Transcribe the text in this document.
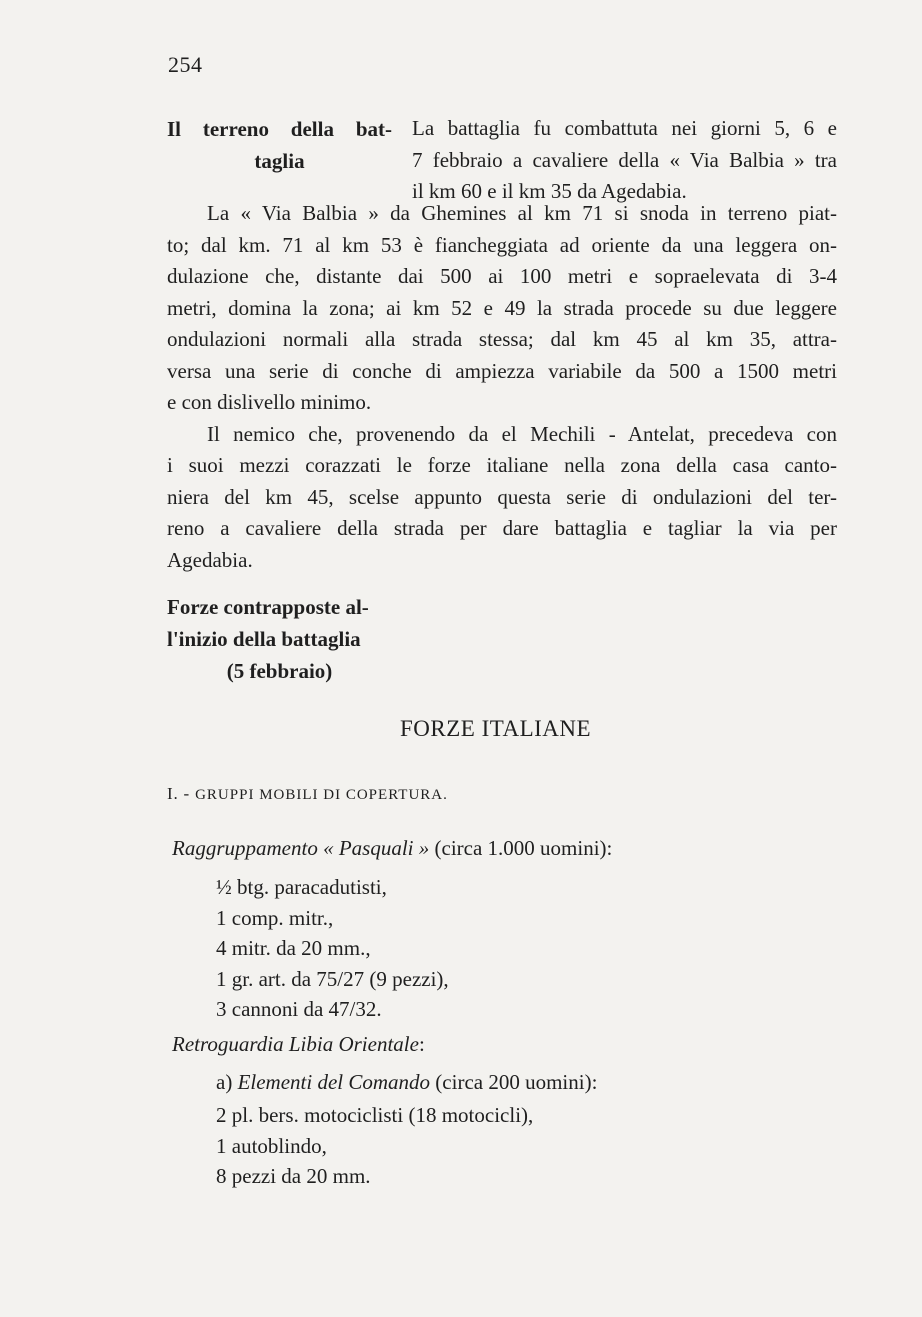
254
Il terreno della bat-
taglia
La battaglia fu combattuta nei giorni 5, 6 e
7 febbraio a cavaliere della « Via Balbia » tra
il km 60 e il km 35 da Agedabia.
La « Via Balbia » da Ghemines al km 71 si snoda in terreno piat-
to; dal km. 71 al km 53 è fiancheggiata ad oriente da una leggera on-
dulazione che, distante dai 500 ai 100 metri e sopraelevata di 3-4
metri, domina la zona; ai km 52 e 49 la strada procede su due leggere
ondulazioni normali alla strada stessa; dal km 45 al km 35, attra-
versa una serie di conche di ampiezza variabile da 500 a 1500 metri
e con dislivello minimo.
Il nemico che, provenendo da el Mechili - Antelat, precedeva con
i suoi mezzi corazzati le forze italiane nella zona della casa canto-
niera del km 45, scelse appunto questa serie di ondulazioni del ter-
reno a cavaliere della strada per dare battaglia e tagliar la via per
Agedabia.
Forze contrapposte al-
l'inizio della battaglia
(5 febbraio)
FORZE ITALIANE
I. - GRUPPI MOBILI DI COPERTURA.
Raggruppamento « Pasquali » (circa 1.000 uomini):
½ btg. paracadutisti,
1 comp. mitr.,
4 mitr. da 20 mm.,
1 gr. art. da 75/27 (9 pezzi),
3 cannoni da 47/32.
Retroguardia Libia Orientale:
a) Elementi del Comando (circa 200 uomini):
2 pl. bers. motociclisti (18 motocicli),
1 autoblindo,
8 pezzi da 20 mm.
